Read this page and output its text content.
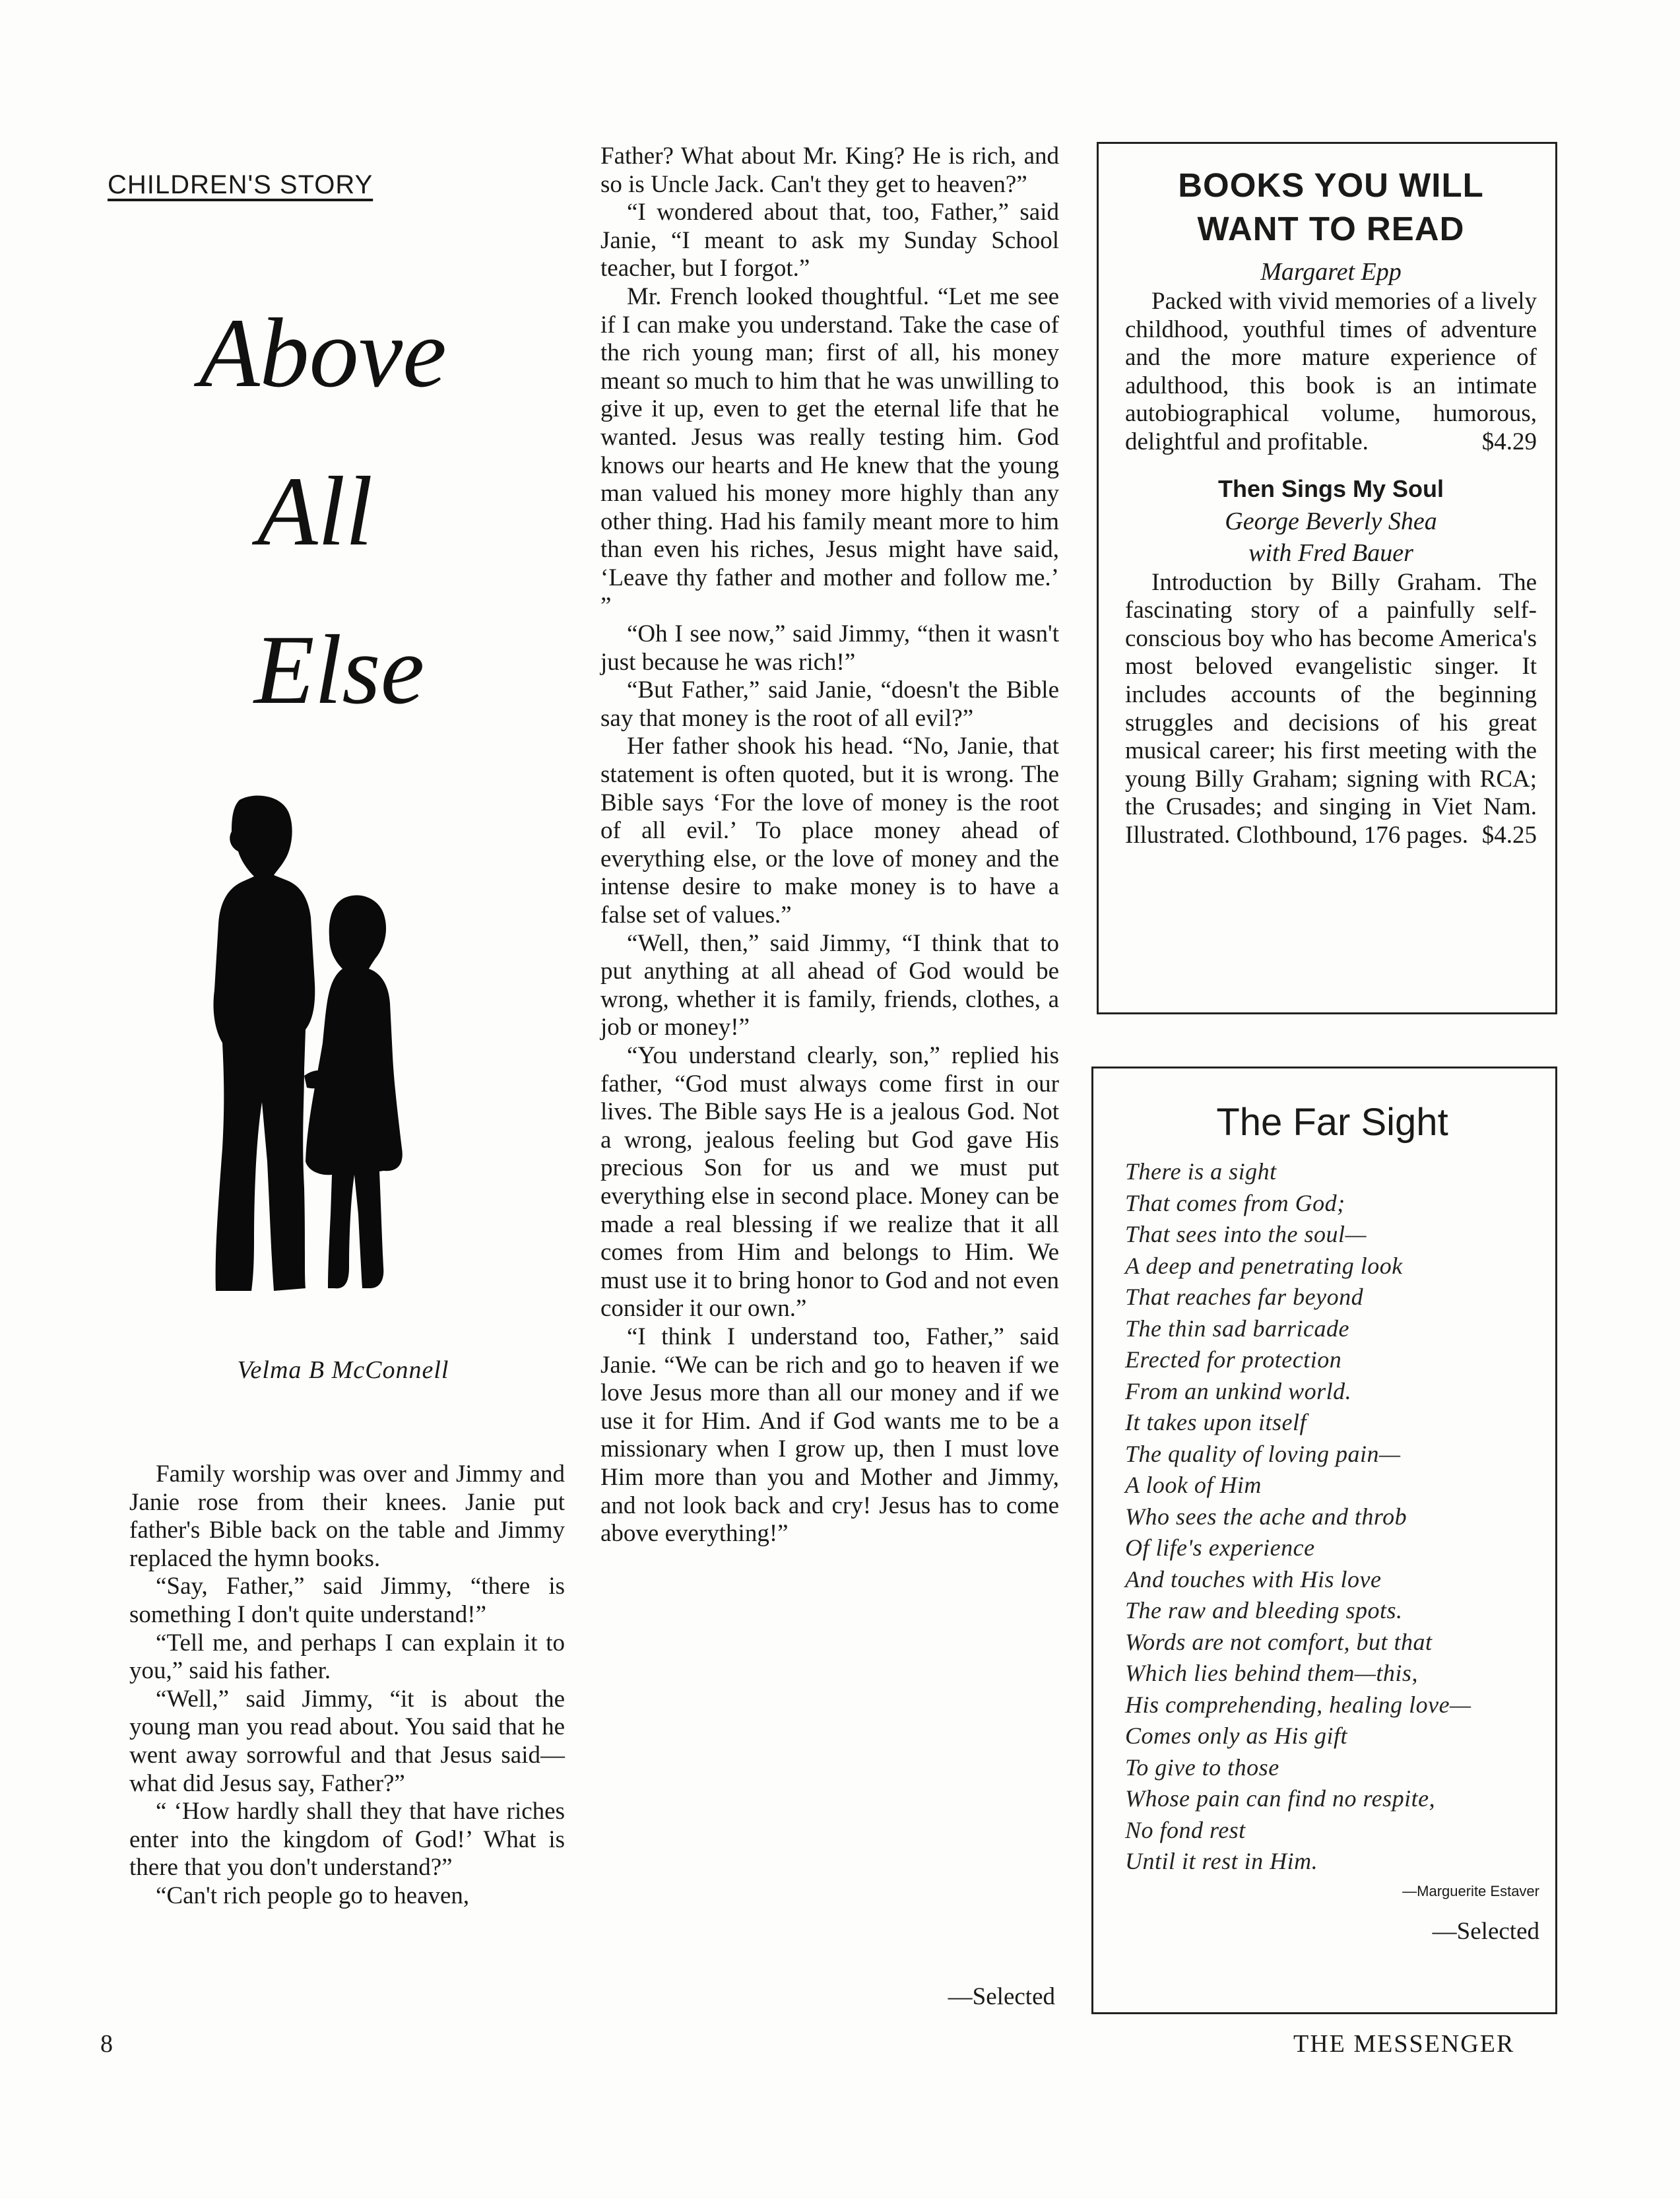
CHILDREN'S STORY
Above
All
Else
Velma B McConnell

Family worship was over and Jimmy and Janie rose from their knees. Janie put father's Bible back on the table and Jimmy replaced the hymn books.

“Say, Father,” said Jimmy, “there is something I don't quite understand!”

“Tell me, and perhaps I can explain it to you,” said his father.

“Well,” said Jimmy, “it is about the young man you read about. You said that he went away sorrowful and that Jesus said—what did Jesus say, Father?”

“ ‘How hardly shall they that have riches enter into the kingdom of God!’ What is there that you don't understand?”

“Can't rich people go to heaven,

Father? What about Mr. King? He is rich, and so is Uncle Jack. Can't they get to heaven?”

“I wondered about that, too, Father,” said Janie, “I meant to ask my Sunday School teacher, but I forgot.”

Mr. French looked thoughtful. “Let me see if I can make you understand. Take the case of the rich young man; first of all, his money meant so much to him that he was unwilling to give it up, even to get the eternal life that he wanted. Jesus was really testing him. God knows our hearts and He knew that the young man valued his money more highly than any other thing. Had his family meant more to him than even his riches, Jesus might have said, ‘Leave thy father and mother and follow me.’ ”

“Oh I see now,” said Jimmy, “then it wasn't just because he was rich!”

“But Father,” said Janie, “doesn't the Bible say that money is the root of all evil?”

Her father shook his head. “No, Janie, that statement is often quoted, but it is wrong. The Bible says ‘For the love of money is the root of all evil.’ To place money ahead of everything else, or the love of money and the intense desire to make money is to have a false set of values.”

“Well, then,” said Jimmy, “I think that to put anything at all ahead of God would be wrong, whether it is family, friends, clothes, a job or money!”

“You understand clearly, son,” replied his father, “God must always come first in our lives. The Bible says He is a jealous God. Not a wrong, jealous feeling but God gave His precious Son for us and we must put everything else in second place. Money can be made a real blessing if we realize that it all comes from Him and belongs to Him. We must use it to bring honor to God and not even consider it our own.”

“I think I understand too, Father,” said Janie. “We can be rich and go to heaven if we love Jesus more than all our money and if we use it for Him. And if God wants me to be a missionary when I grow up, then I must love Him more than you and Mother and Jimmy, and not look back and cry! Jesus has to come above everything!”

—Selected
BOOKS YOU WILL
WANT TO READ
Margaret Epp

Packed with vivid memories of a lively childhood, youthful times of adventure and the more mature experience of adulthood, this book is an intimate autobiographical volume, humorous, delightful and profitable.	$4.29

Then Sings My Soul
George Beverly Shea
with Fred Bauer

Introduction by Billy Graham. The fascinating story of a painfully self-conscious boy who has become America's most beloved evangelistic singer. It includes accounts of the beginning struggles and decisions of his great musical career; his first meeting with the young Billy Graham; signing with RCA; the Crusades; and singing in Viet Nam. Illustrated. Clothbound, 176 pages. $4.25

The Far Sight
There is a sight
That comes from God;
That sees into the soul—
A deep and penetrating look
That reaches far beyond
The thin sad barricade
Erected for protection
From an unkind world.
It takes upon itself
The quality of loving pain—
A look of Him
Who sees the ache and throb
Of life's experience
And touches with His love
The raw and bleeding spots.
Words are not comfort, but that
Which lies behind them—this,
His comprehending, healing love—
Comes only as His gift
To give to those
Whose pain can find no respite,
No fond rest
Until it rest in Him.
—Marguerite Estaver
—Selected
8	THE MESSENGER
